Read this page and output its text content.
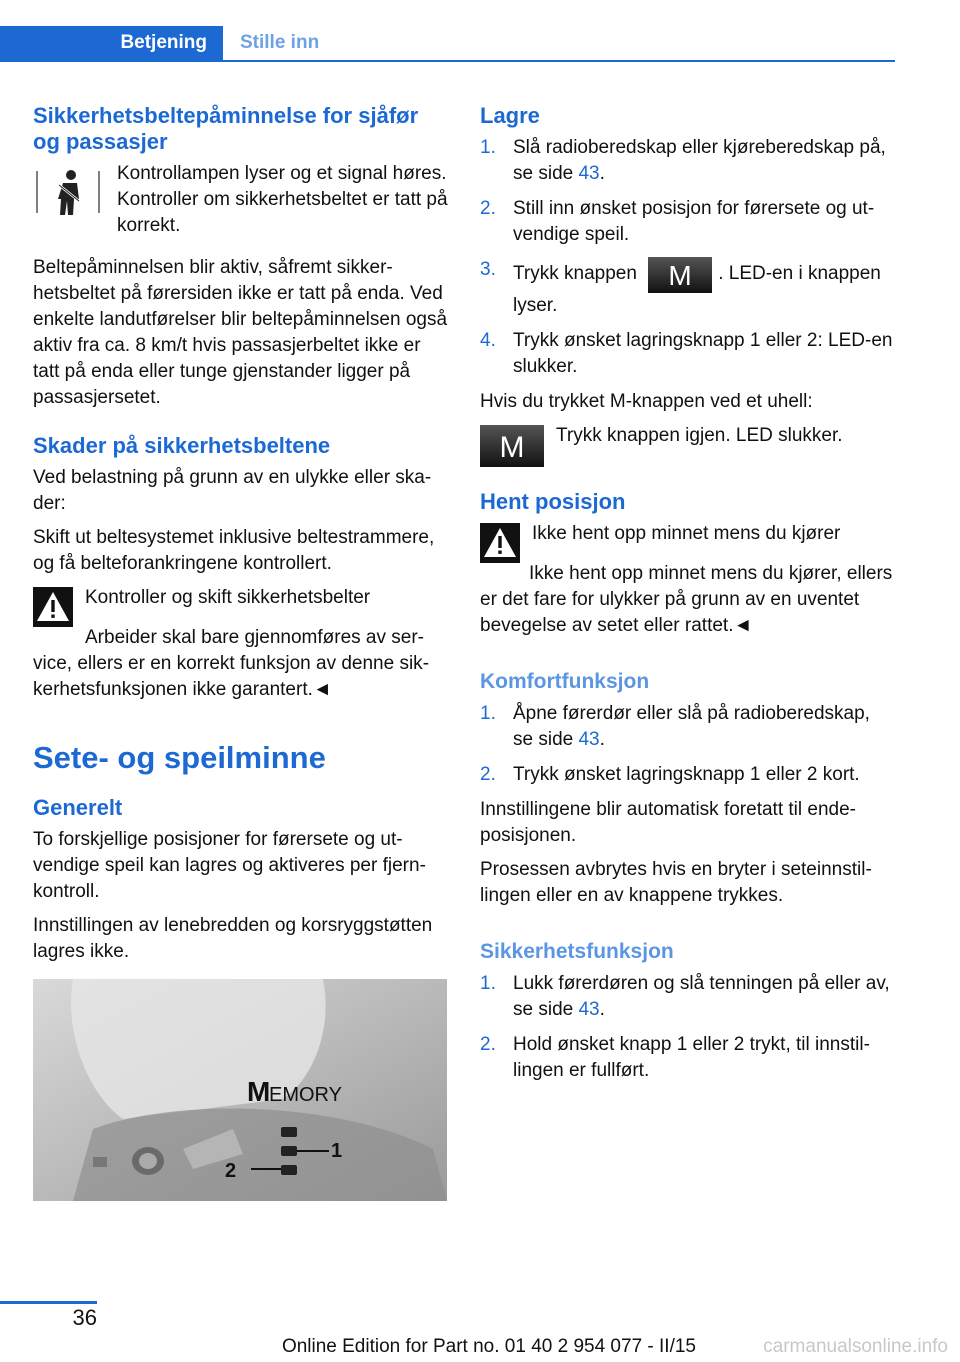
Betjening Stille inn
Sikkerhetsbeltepåminnelse for sjåfør og passasjer

Kontrollampen lyser og et signal høres. Kontroller om sikkerhetsbeltet er tatt på korrekt.

Beltepåminnelsen blir aktiv, såfremt sikkerhetsbeltet på førersiden ikke er tatt på enda. Ved enkelte landutførelser blir beltepåminnelsen også aktiv fra ca. 8 km/t hvis passasjerbeltet ikke er tatt på enda eller tunge gjenstander ligger på passasjersetet.

Skader på sikkerhetsbeltene

Ved belastning på grunn av en ulykke eller skader:

Skift ut beltesystemet inklusive beltestrammere, og få belteforankringene kontrollert.

Kontroller og skift sikkerhetsbelter

Arbeider skal bare gjennomføres av service, ellers er en korrekt funksjon av denne sikkerhetsfunksjonen ikke garantert.◄

Sete- og speilminne
Generelt

To forskjellige posisjoner for førersete og utvendige speil kan lagres og aktiveres per fjernkontroll.

Innstillingen av lenebredden og korsryggstøtten lagres ikke.

M
EMORY
1
2
Lagre
1. Slå radioberedskap eller kjøreberedskap på, se side 43.
2. Still inn ønsket posisjon for førersete og utvendige speil.
3. Trykk knappen M . LED-en i knappen lyser.
4. Trykk ønsket lagringsknapp 1 eller 2: LED-en slukker.

Hvis du trykket M-knappen ved et uhell:

M Trykk knappen igjen. LED slukker.

Hent posisjon

Ikke hent opp minnet mens du kjører

Ikke hent opp minnet mens du kjører, ellers er det fare for ulykker på grunn av en uventet bevegelse av setet eller rattet.◄

Komfortfunksjon
1. Åpne førerdør eller slå på radioberedskap, se side 43.
2. Trykk ønsket lagringsknapp 1 eller 2 kort.

Innstillingene blir automatisk foretatt til endeposisjonen.

Prosessen avbrytes hvis en bryter i seteinnstillingen eller en av knappene trykkes.

Sikkerhetsfunksjon
1. Lukk førerdøren og slå tenningen på eller av, se side 43.
2. Hold ønsket knapp 1 eller 2 trykt, til innstillingen er fullført.
36
Online Edition for Part no. 01 40 2 954 077 - II/15	carmanualsonline.info
